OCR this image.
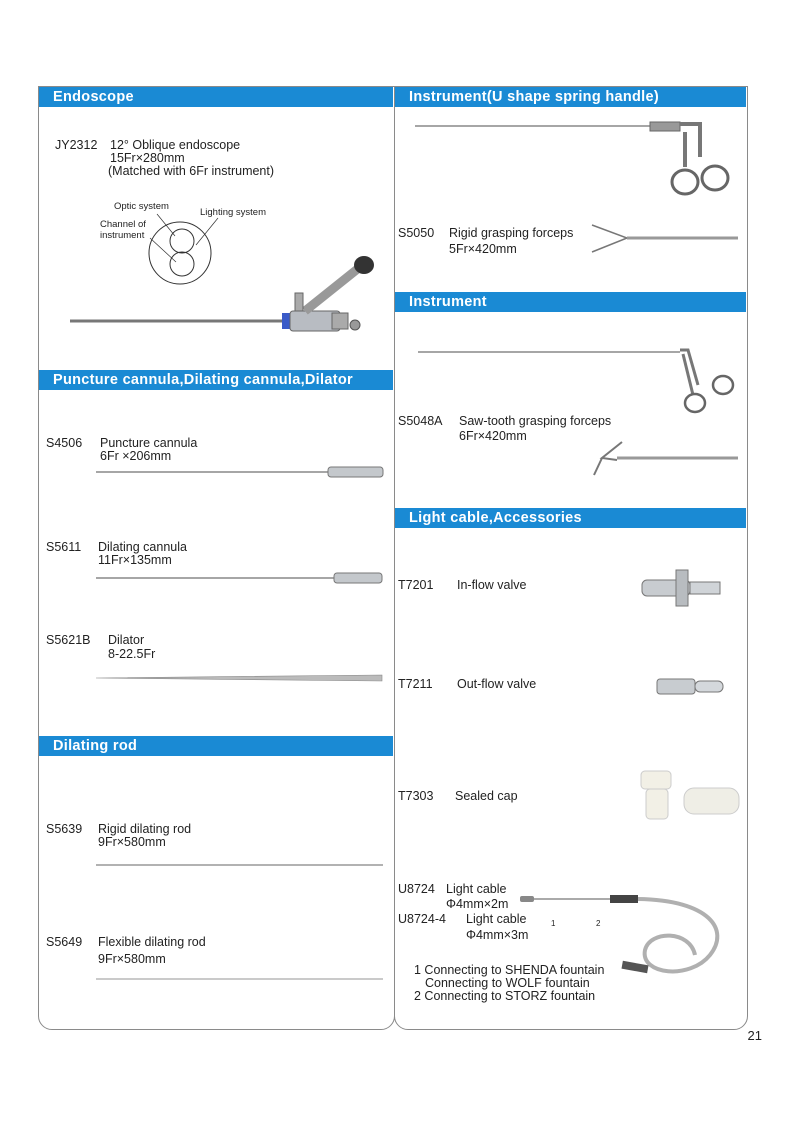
Endoscope
Puncture cannula,Dilating cannula,Dilator
Dilating rod
Instrument(U shape spring handle)
Instrument
Light cable,Accessories
JY2312 12° Oblique endoscope
15Fr×280mm
(Matched with 6Fr instrument)
Optic system
Lighting system
Channel of
instrument
S4506 Puncture cannula
6Fr ×206mm
S5611 Dilating cannula
11Fr×135mm
S5621B Dilator
8-22.5Fr
S5639 Rigid dilating rod
9Fr×580mm
S5649 Flexible dilating rod
9Fr×580mm
S5050 Rigid grasping forceps
5Fr×420mm
S5048A Saw-tooth grasping forceps
6Fr×420mm
T7201 In-flow valve
T7211 Out-flow valve
T7303 Sealed cap
U8724 Light cable
Φ4mm×2m
U8724-4 Light cable
Φ4mm×3m
1	2
1 Connecting to SHENDA fountain
Connecting to WOLF fountain
2 Connecting to STORZ fountain
21
